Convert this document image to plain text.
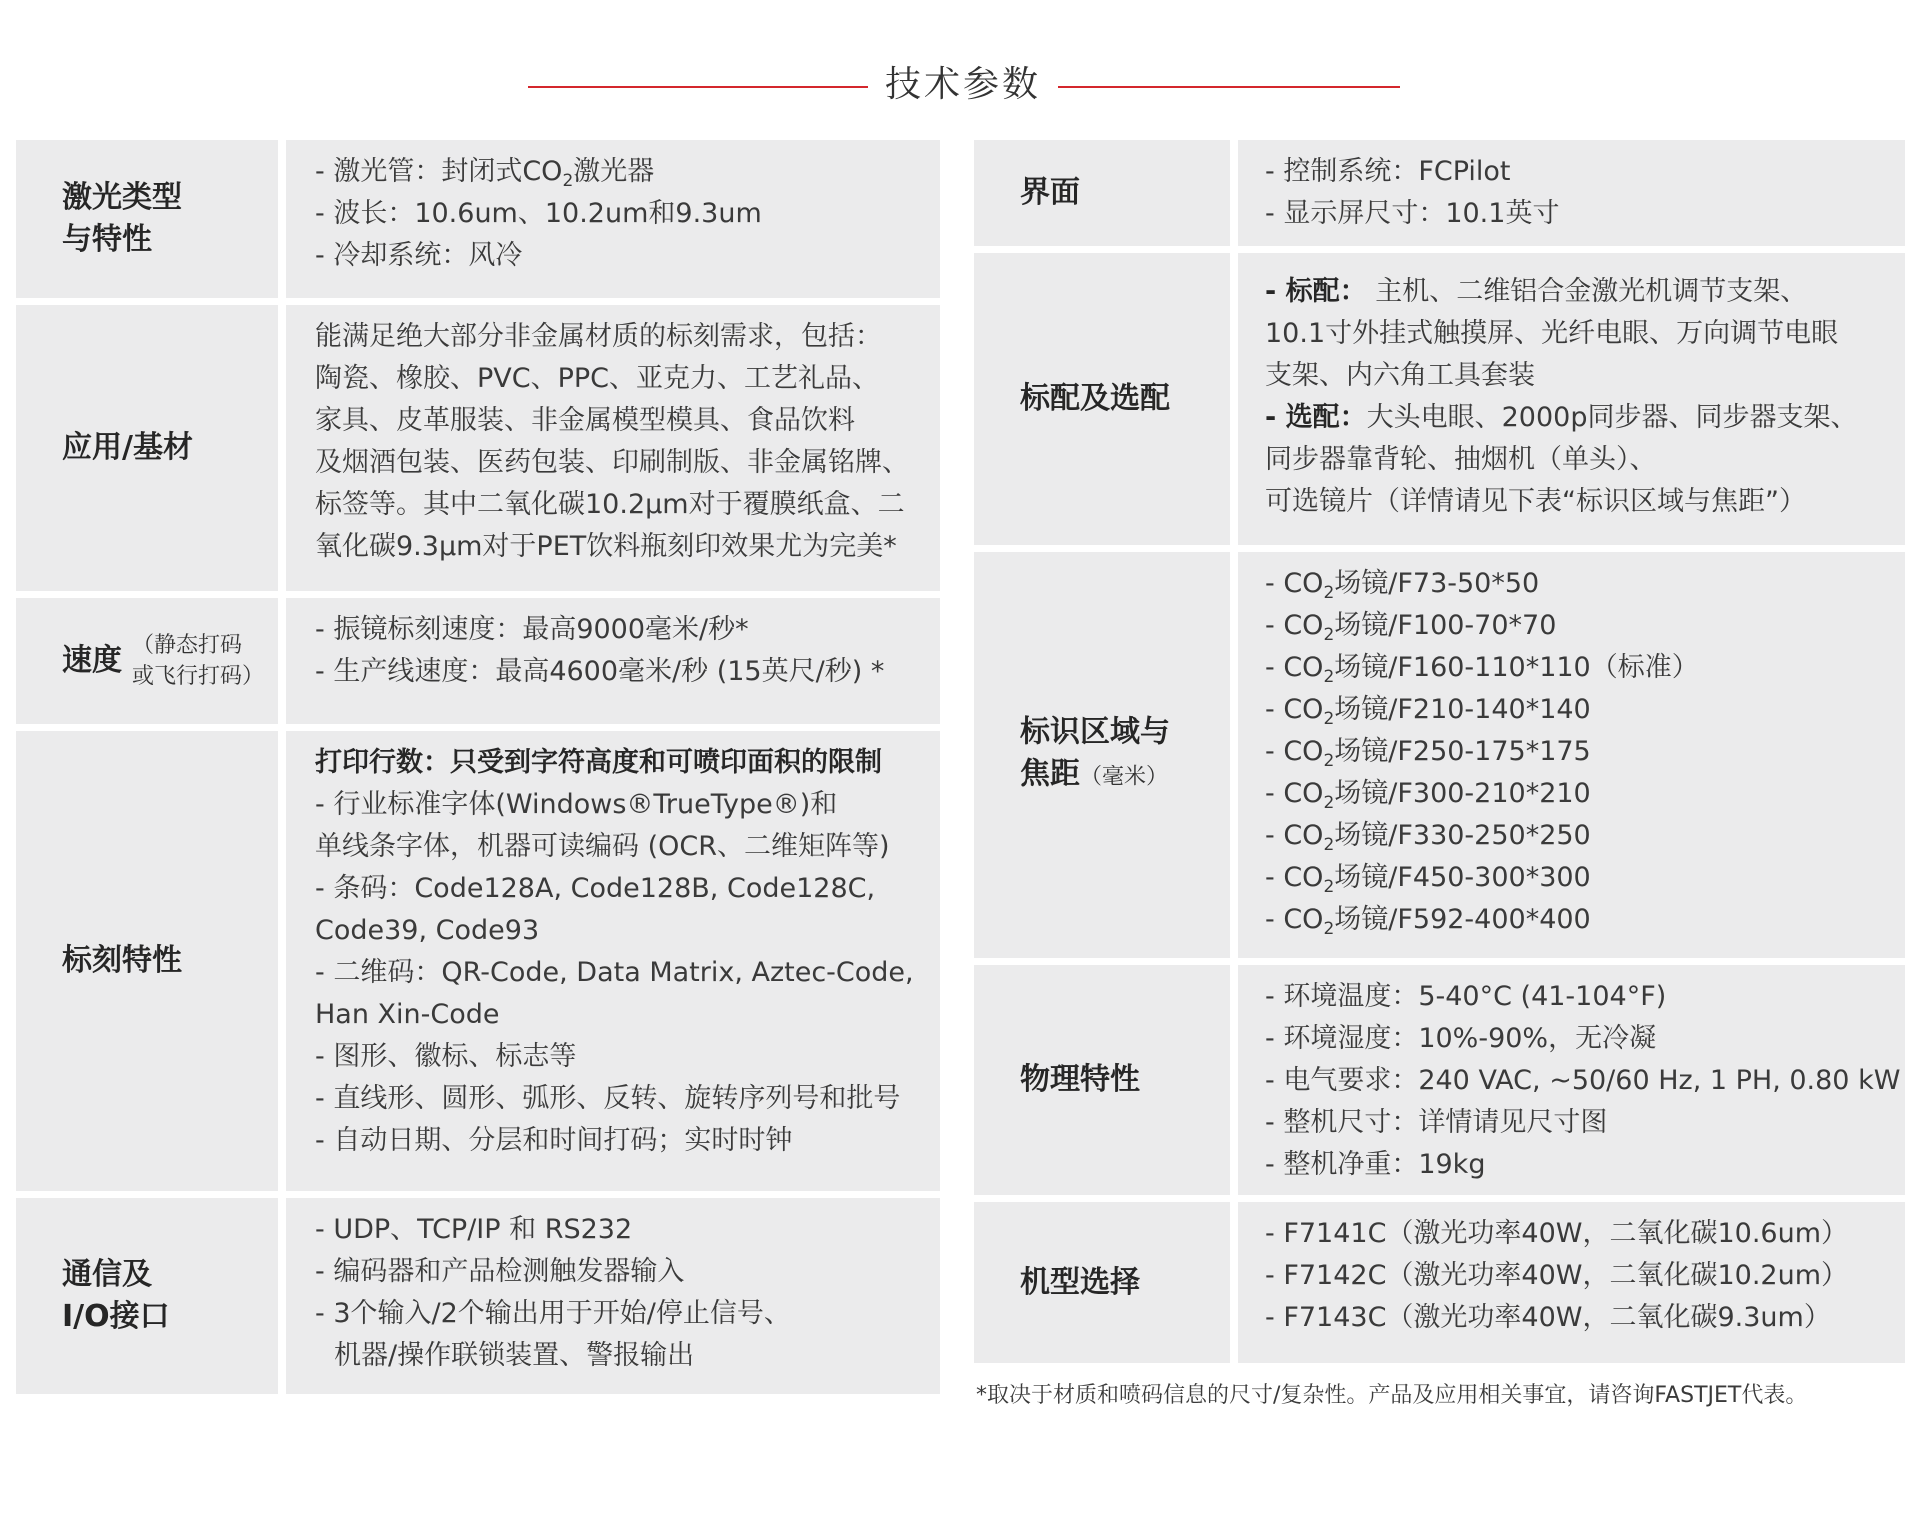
技术参数
激光类型
与特性
- 激光管：封闭式$CO_2$激光器
- 波长：10.6um、10.2um和9.3um
- 冷却系统：风冷
应用/基材
能满足绝大部分非金属材质的标刻需求，包括：
陶瓷、橡胶、PVC、PPC、亚克力、工艺礼品、
家具、皮革服装、非金属模型模具、食品饮料
及烟酒包装、医药包装、印刷制版、非金属铭牌、
标签等。其中二氧化碳10.2μm对于覆膜纸盒、二
氧化碳9.3μm对于PET饮料瓶刻印效果尤为完美*
速度 （静态打码
或飞行打码）
- 振镜标刻速度：最高9000毫米/秒*
- 生产线速度：最高4600毫米/秒 (15英尺/秒) *
标刻特性
打印行数：只受到字符高度和可喷印面积的限制
- 行业标准字体(Windows®TrueType®)和
单线条字体，机器可读编码 (OCR、二维矩阵等)
- 条码：Code128A, Code128B, Code128C,
Code39, Code93
- 二维码：QR-Code, Data Matrix, Aztec-Code,
Han Xin-Code
- 图形、徽标、标志等
- 直线形、圆形、弧形、反转、旋转序列号和批号
- 自动日期、分层和时间打码；实时时钟
通信及
I/O接口
- UDP、TCP/IP 和 RS232
- 编码器和产品检测触发器输入
- 3个输入/2个输出用于开始/停止信号、
机器/操作联锁装置、警报输出
界面
- 控制系统：FCPilot
- 显示屏尺寸：10.1英寸
标配及选配
- 标配： 主机、二维铝合金激光机调节支架、
10.1寸外挂式触摸屏、光纤电眼、万向调节电眼
支架、内六角工具套装
- 选配：大头电眼、2000p同步器、同步器支架、
同步器靠背轮、抽烟机（单头）、
可选镜片（详情请见下表“标识区域与焦距”）
标识区域与
焦距（毫米）
- $CO_2$场镜/F73-50*50
- $CO_2$场镜/F100-70*70
- $CO_2$场镜/F160-110*110（标准）
- $CO_2$场镜/F210-140*140
- $CO_2$场镜/F250-175*175
- $CO_2$场镜/F300-210*210
- $CO_2$场镜/F330-250*250
- $CO_2$场镜/F450-300*300
- $CO_2$场镜/F592-400*400
物理特性
- 环境温度：5-40°C (41-104°F)
- 环境湿度：10%-90%，无冷凝
- 电气要求：240 VAC, ~50/60 Hz, 1 PH, 0.80 kW
- 整机尺寸：详情请见尺寸图
- 整机净重：19kg
机型选择
- F7141C（激光功率40W，二氧化碳10.6um）
- F7142C（激光功率40W，二氧化碳10.2um）
- F7143C（激光功率40W，二氧化碳9.3um）
*取决于材质和喷码信息的尺寸/复杂性。产品及应用相关事宜，请咨询FASTJET代表。
